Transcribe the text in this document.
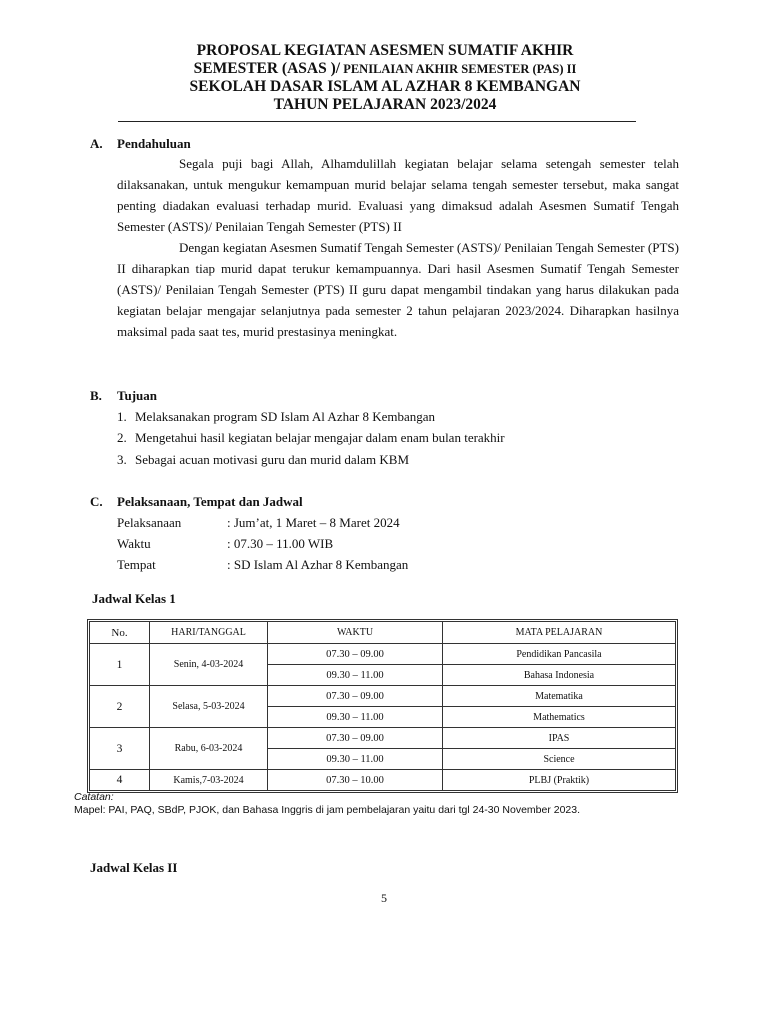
PROPOSAL KEGIATAN ASESMEN SUMATIF AKHIR
SEMESTER (ASAS )/ PENILAIAN AKHIR SEMESTER (PAS) II
SEKOLAH DASAR ISLAM AL AZHAR 8 KEMBANGAN
TAHUN PELAJARAN 2023/2024
A. Pendahuluan

Segala puji bagi Allah, Alhamdulillah kegiatan belajar selama setengah semester telah dilaksanakan, untuk mengukur kemampuan murid belajar selama tengah semester tersebut, maka sangat penting diadakan evaluasi terhadap murid. Evaluasi yang dimaksud adalah Asesmen Sumatif Tengah Semester (ASTS)/ Penilaian Tengah Semester (PTS) II

Dengan kegiatan Asesmen Sumatif Tengah Semester (ASTS)/ Penilaian Tengah Semester (PTS) II diharapkan tiap murid dapat terukur kemampuannya. Dari hasil Asesmen Sumatif Tengah Semester (ASTS)/ Penilaian Tengah Semester (PTS) II guru dapat mengambil tindakan yang harus dilakukan pada kegiatan belajar mengajar selanjutnya pada semester 2 tahun pelajaran 2023/2024. Diharapkan hasilnya maksimal pada saat tes, murid prestasinya meningkat.

B. Tujuan
1. Melaksanakan program SD Islam Al Azhar 8 Kembangan
2. Mengetahui hasil kegiatan belajar mengajar dalam enam bulan terakhir
3. Sebagai acuan motivasi guru dan murid dalam KBM
C. Pelaksanaan, Tempat dan Jadwal
Pelaksanaan	: Jum’at, 1 Maret – 8 Maret 2024
Waktu	: 07.30 – 11.00 WIB
Tempat	: SD Islam Al Azhar 8 Kembangan
Jadwal Kelas 1
No.	HARI/TANGGAL	WAKTU	MATA PELAJARAN
1	Senin, 4-03-2024	07.30 – 09.00	Pendidikan Pancasila
		09.30 – 11.00	Bahasa Indonesia
2	Selasa, 5-03-2024	07.30 – 09.00	Matematika
		09.30 – 11.00	Mathematics
3	Rabu, 6-03-2024	07.30 – 09.00	IPAS
		09.30 – 11.00	Science
4	Kamis,7-03-2024	07.30 – 10.00	PLBJ (Praktik)
Catatan:
Mapel: PAI, PAQ, SBdP, PJOK, dan Bahasa Inggris di jam pembelajaran yaitu dari tgl 24-30 November 2023.
Jadwal Kelas II
5
